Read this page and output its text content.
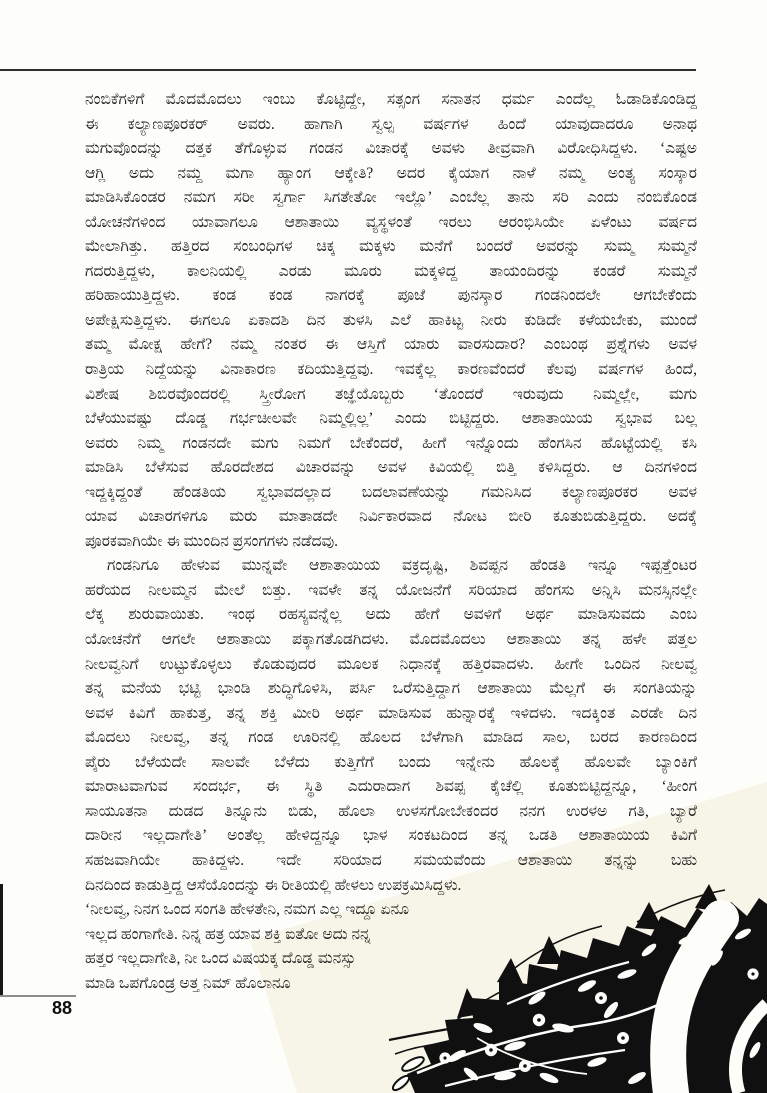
ನಂಬಿಕೆಗಳಿಗೆ ಮೊದಮೊದಲು ಇಂಬು ಕೊಟ್ಟಿದ್ದೇ, ಸತ್ಸಂಗ ಸನಾತನ ಧರ್ಮ ಎಂದೆಲ್ಲ ಓಡಾಡಿಕೊಂಡಿದ್ದ
ಈ ಕಲ್ಯಾಣಪೂರಕರ್ ಅವರು. ಹಾಗಾಗಿ ಸ್ವಲ್ಪ ವರ್ಷಗಳ ಹಿಂದೆ ಯಾವುದಾದರೂ ಅನಾಥ
ಮಗುವೊಂದನ್ನು ದತ್ತಕ ತೆಗೊಳ್ಳುವ ಗಂಡನ ವಿಚಾರಕ್ಕೆ ಅವಳು ತೀವ್ರವಾಗಿ ವಿರೋಧಿಸಿದ್ದಳು. ‘ಎಷ್ಟಅ
ಆಗ್ಲಿ ಅದು ನಮ್ದ ಮಗಾ ಹ್ಯಾಂಗ ಆಕ್ಕೇತಿ? ಅದರ ಕೈಯಾಗ ನಾಳೆ ನಮ್ಮ ಅಂತ್ಯ ಸಂಸ್ಕಾರ
ಮಾಡಿಸಿಕೊಂಡರ ನಮಗ ಸರೀ ಸ್ವರ್ಗಾ ಸಿಗತೇತೋ ಇಲ್ಲೊ’ ಎಂಬೆಲ್ಲ ತಾನು ಸರಿ ಎಂದು ನಂಬಿಕೊಂಡ
ಯೋಚನೆಗಳಿಂದ ಯಾವಾಗಲೂ ಆಶಾತಾಯಿ ವ್ಯಸ್ಥಳಂತೆ ಇರಲು ಆರಂಭಿಸಿಯೇ ಏಳೆಂಟು ವರ್ಷದ
ಮೇಲಾಗಿತ್ತು. ಹತ್ತಿರದ ಸಂಬಂಧಿಗಳ ಚಿಕ್ಕ ಮಕ್ಕಳು ಮನೆಗೆ ಬಂದರೆ ಅವರನ್ನು ಸುಮ್ಮ ಸುಮ್ಮನೆ
ಗದರುತ್ತಿದ್ದಳು, ಕಾಲನಿಯಲ್ಲಿ ಎರಡು ಮೂರು ಮಕ್ಕಳಿದ್ದ ತಾಯಂದಿರನ್ನು ಕಂಡರೆ ಸುಮ್ಮನೆ
ಹರಿಹಾಯುತ್ತಿದ್ದಳು. ಕಂಡ ಕಂಡ ನಾಗರಕ್ಕೆ ಪೂಜೆ ಪುನಸ್ಕಾರ ಗಂಡನಿಂದಲೇ ಆಗಬೇಕೆಂದು
ಅಪೇಕ್ಷಿಸುತ್ತಿದ್ದಳು. ಈಗಲೂ ಏಕಾದಶಿ ದಿನ ತುಳಸಿ ಎಲೆ ಹಾಕಿಟ್ಟ ನೀರು ಕುಡಿದೇ ಕಳೆಯಬೇಕು, ಮುಂದೆ
ತಮ್ಮ ಮೋಕ್ಷ ಹೇಗೆ? ನಮ್ಮ ನಂತರ ಈ ಆಸ್ತಿಗೆ ಯಾರು ವಾರಸುದಾರ? ಎಂಬಂಥ ಪ್ರಶ್ನೆಗಳು ಅವಳ
ರಾತ್ರಿಯ ನಿದ್ದೆಯನ್ನು ವಿನಾಕಾರಣ ಕದಿಯುತ್ತಿದ್ದವು. ಇವಕ್ಕೆಲ್ಲ ಕಾರಣವೆಂದರೆ ಕೆಲವು ವರ್ಷಗಳ ಹಿಂದೆ,
ವಿಶೇಷ ಶಿಬಿರವೊಂದರಲ್ಲಿ ಸ್ತ್ರೀರೋಗ ತಜ್ಞೆಯೊಬ್ಬರು ‘ತೊಂದರೆ ಇರುವುದು ನಿಮ್ಮಲ್ಲೇ, ಮಗು
ಬೆಳೆಯುವಷ್ಟು ದೊಡ್ಡ ಗರ್ಭಚೀಲವೇ ನಿಮ್ಮಲ್ಲಿಲ್ಲ’ ಎಂದು ಬಿಟ್ಟಿದ್ದರು. ಆಶಾತಾಯಿಯ ಸ್ವಭಾವ ಬಲ್ಲ
ಅವರು ನಿಮ್ಮ ಗಂಡನದೇ ಮಗು ನಿಮಗೆ ಬೇಕೆಂದರೆ, ಹೀಗೆ ಇನ್ನೊಂದು ಹೆಂಗಸಿನ ಹೊಟ್ಟೆಯಲ್ಲಿ ಕಸಿ
ಮಾಡಿಸಿ ಬೆಳೆಸುವ ಹೊರದೇಶದ ವಿಚಾರವನ್ನು ಅವಳ ಕಿವಿಯಲ್ಲಿ ಬಿತ್ತಿ ಕಳಿಸಿದ್ದರು. ಆ ದಿನಗಳಿಂದ
ಇದ್ದಕ್ಕಿದ್ದಂತೆ ಹೆಂಡತಿಯ ಸ್ವಭಾವದಲ್ಲಾದ ಬದಲಾವಣೆಯನ್ನು ಗಮನಿಸಿದ ಕಲ್ಯಾಣಪೂರಕರ ಅವಳ
ಯಾವ ವಿಚಾರಗಳಿಗೂ ಮರು ಮಾತಾಡದೇ ನಿರ್ವಿಕಾರವಾದ ನೋಟ ಬೀರಿ ಕೂತುಬಿಡುತ್ತಿದ್ದರು. ಅದಕ್ಕೆ
ಪೂರಕವಾಗಿಯೇ ಈ ಮುಂದಿನ ಪ್ರಸಂಗಗಳು ನಡೆದವು.
ಗಂಡನಿಗೂ ಹೇಳುವ ಮುನ್ನವೇ ಆಶಾತಾಯಿಯ ವಕ್ರದೃಷ್ಟಿ, ಶಿವಪ್ಪನ ಹೆಂಡತಿ ಇನ್ನೂ ಇಪ್ಪತ್ತೆಂಟರ
ಹರೆಯದ ನೀಲಮ್ಮನ ಮೇಲೆ ಬಿತ್ತು. ಇವಳೇ ತನ್ನ ಯೋಜನೆಗೆ ಸರಿಯಾದ ಹೆಂಗಸು ಅನ್ನಿಸಿ ಮನಸ್ಸಿನಲ್ಲೇ
ಲೆಕ್ಕ ಶುರುವಾಯಿತು. ಇಂಥ ರಹಸ್ಯವನ್ನೆಲ್ಲ ಅದು ಹೇಗೆ ಅವಳಿಗೆ ಅರ್ಥ ಮಾಡಿಸುವದು ಎಂಬ
ಯೋಚನೆಗೆ ಆಗಲೇ ಆಶಾತಾಯಿ ಪಕ್ಕಾಗತೊಡಗಿದಳು. ಮೊದಮೊದಲು ಆಶಾತಾಯಿ ತನ್ನ ಹಳೇ ಪತ್ತಲ
ನೀಲವ್ವನಿಗೆ ಉಟ್ಟುಕೊಳ್ಳಲು ಕೊಡುವುದರ ಮೂಲಕ ನಿಧಾನಕ್ಕೆ ಹತ್ತಿರವಾದಳು. ಹೀಗೇ ಒಂದಿನ ನೀಲವ್ವ
ತನ್ನ ಮನೆಯ ಭಟ್ಟಿ ಭಾಂಡಿ ಶುದ್ಧಿಗೊಳಿಸಿ, ಪರ್ಸಿ ಒರೆಸುತ್ತಿದ್ದಾಗ ಆಶಾತಾಯಿ ಮೆಲ್ಲಗೆ ಈ ಸಂಗತಿಯನ್ನು
ಅವಳ ಕಿವಿಗೆ ಹಾಕುತ್ತ, ತನ್ನ ಶಕ್ತಿ ಮೀರಿ ಅರ್ಥ ಮಾಡಿಸುವ ಹುನ್ನಾರಕ್ಕೆ ಇಳಿದಳು. ಇದಕ್ಕಿಂತ ಎರಡೇ ದಿನ
ಮೊದಲು ನೀಲವ್ವ, ತನ್ನ ಗಂಡ ಊರಿನಲ್ಲಿ ಹೊಲದ ಬೆಳೆಗಾಗಿ ಮಾಡಿದ ಸಾಲ, ಬರದ ಕಾರಣದಿಂದ
ಪೈರು ಬೆಳೆಯದೇ ಸಾಲವೇ ಬೆಳೆದು ಕುತ್ತಿಗೆಗೆ ಬಂದು ಇನ್ನೇನು ಹೊಲಕ್ಕೆ ಹೊಲವೇ ಬ್ಯಾಂಕಿಗೆ
ಮಾರಾಟವಾಗುವ ಸಂದರ್ಭ, ಈ ಸ್ಥಿತಿ ಎದುರಾದಾಗ ಶಿವಪ್ಪ ಕೈಚೆಲ್ಲಿ ಕೂತುಬಿಟ್ಟಿದ್ದನ್ನೂ, ‘ಹೀಂಗ
ಸಾಯೂತನಾ ದುಡದ ತಿನ್ನೂನು ಬಿಡು, ಹೊಲಾ ಉಳಸಗೋಬೇಕಂದರ ನನಗ ಉರಳಅ ಗತಿ, ಬ್ಯಾರೆ
ದಾರೀನ ಇಲ್ಲದಾಗೇತಿ’ ಅಂತೆಲ್ಲ ಹೇಳಿದ್ದನ್ನೂ ಭಾಳ ಸಂಕಟದಿಂದ ತನ್ನ ಒಡತಿ ಆಶಾತಾಯಿಯ ಕಿವಿಗೆ
ಸಹಜವಾಗಿಯೇ ಹಾಕಿದ್ದಳು. ಇದೇ ಸರಿಯಾದ ಸಮಯವೆಂದು ಆಶಾತಾಯಿ ತನ್ನನ್ನು ಬಹು
ದಿನದಿಂದ ಕಾಡುತ್ತಿದ್ದ ಆಸೆಯೊಂದನ್ನು ಈ ರೀತಿಯಲ್ಲಿ ಹೇಳಲು ಉಪಕ್ರಮಿಸಿದ್ದಳು.
‘ನೀಲವ್ವ, ನಿನಗ ಒಂದ ಸಂಗತಿ ಹೇಳತೇನಿ, ನಮಗ ಎಲ್ಲ ಇದ್ದೂ ಏನೂ
ಇಲ್ಲದ ಹಂಗಾಗೇತಿ. ನಿನ್ನ ಹತ್ರ ಯಾವ ಶಕ್ತಿ ಐತೋ ಅದು ನನ್ನ
ಹತ್ತರ ಇಲ್ಲದಾಗೇತಿ, ನೀ ಒಂದ ವಿಷಯಕ್ಕ ದೊಡ್ಡ ಮನಸ್ಸು
ಮಾಡಿ ಒಪಗೊಂಡ್ರ ಅತ್ತ ನಿಮ್ ಹೊಲಾನೂ
88
